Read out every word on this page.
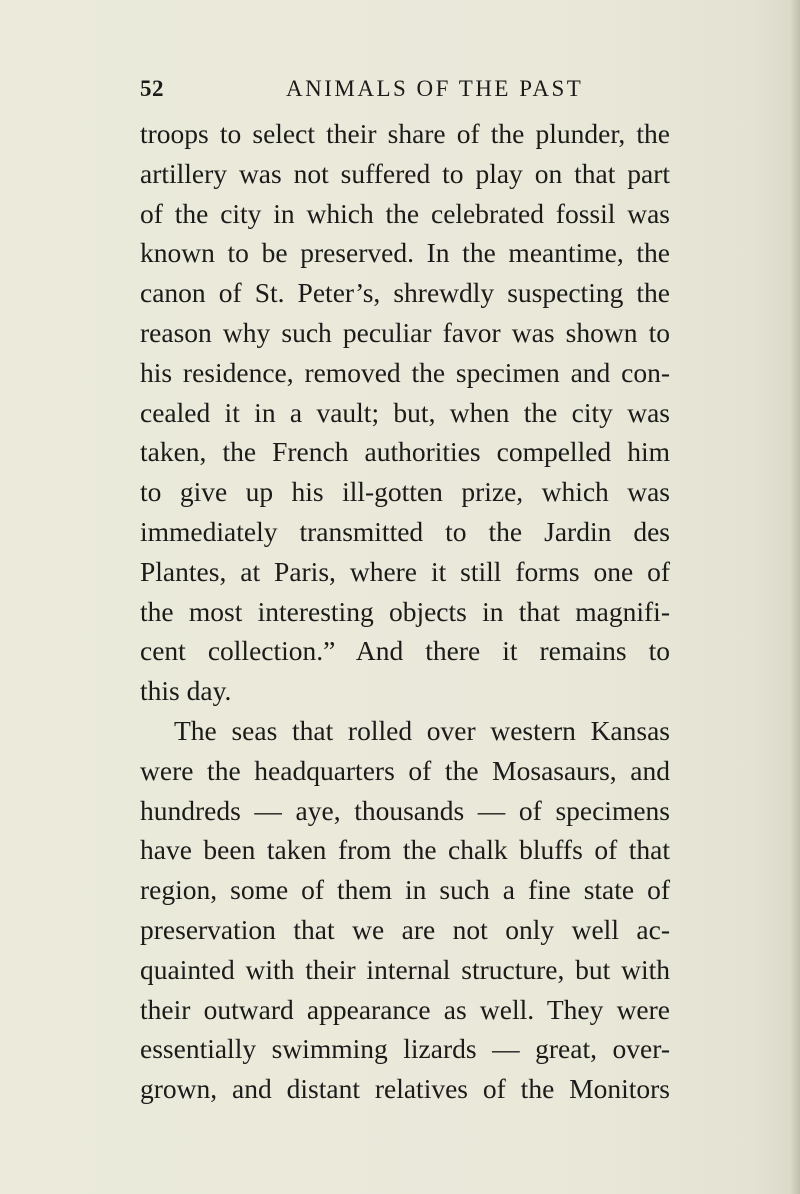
52	ANIMALS OF THE PAST
troops to select their share of the plunder, the
artillery was not suffered to play on that part
of the city in which the celebrated fossil was
known to be preserved. In the meantime, the
canon of St. Peter’s, shrewdly suspecting the
reason why such peculiar favor was shown to
his residence, removed the specimen and con-
cealed it in a vault; but, when the city was
taken, the French authorities compelled him
to give up his ill-gotten prize, which was
immediately transmitted to the Jardin des
Plantes, at Paris, where it still forms one of
the most interesting objects in that magnifi-
cent collection.” And there it remains to
this day.
The seas that rolled over western Kansas
were the headquarters of the Mosasaurs, and
hundreds — aye, thousands — of specimens
have been taken from the chalk bluffs of that
region, some of them in such a fine state of
preservation that we are not only well ac-
quainted with their internal structure, but with
their outward appearance as well. They were
essentially swimming lizards — great, over-
grown, and distant relatives of the Monitors
